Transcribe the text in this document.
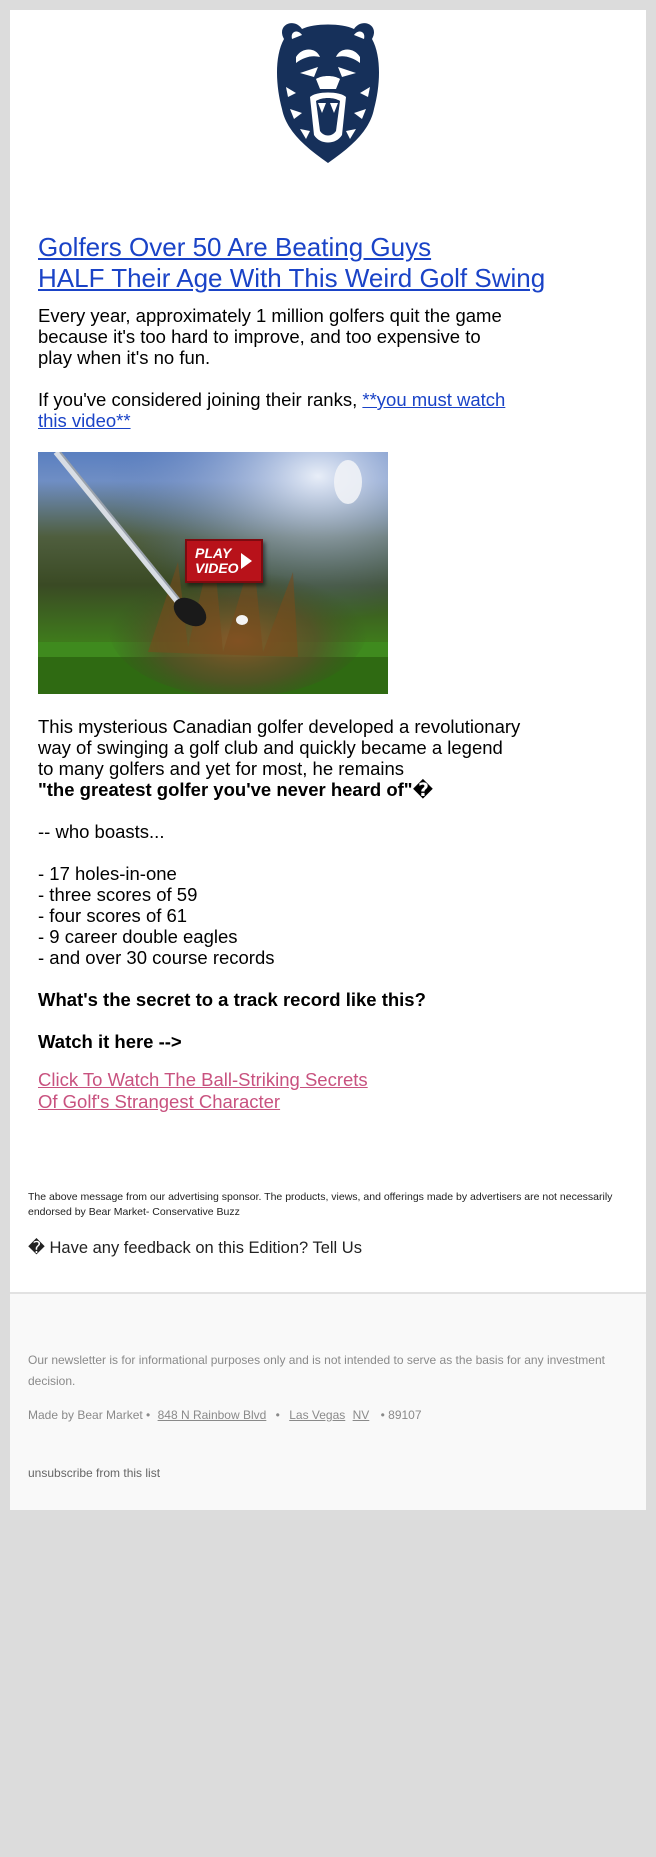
Golfers Over 50 Are Beating Guys
HALF Their Age With This Weird Golf Swing

Every year, approximately 1 million golfers quit the game
because it's too hard to improve, and too expensive to
play when it's no fun.

If you've considered joining their ranks, **you must watch
this video**

PLAY
VIDEO
This mysterious Canadian golfer developed a revolutionary
way of swinging a golf club and quickly became a legend
to many golfers and yet for most, he remains
"the greatest golfer you've never heard of"�
-- who boasts...
- 17 holes-in-one
- three scores of 59
- four scores of 61
- 9 career double eagles
- and over 30 course records
What's the secret to a track record like this?
Watch it here -->
Click To Watch The Ball-Striking Secrets
Of Golf's Strangest Character
The above message from our advertising sponsor. The products, views, and offerings made by advertisers are not necessarily endorsed by Bear Market- Conservative Buzz
� Have any feedback on this Edition? Tell Us
Our newsletter is for informational purposes only and is not intended to serve as the basis for any investment decision.
Made by Bear Market • 848 N Rainbow Blvd • Las Vegas NV • 89107
unsubscribe from this list
